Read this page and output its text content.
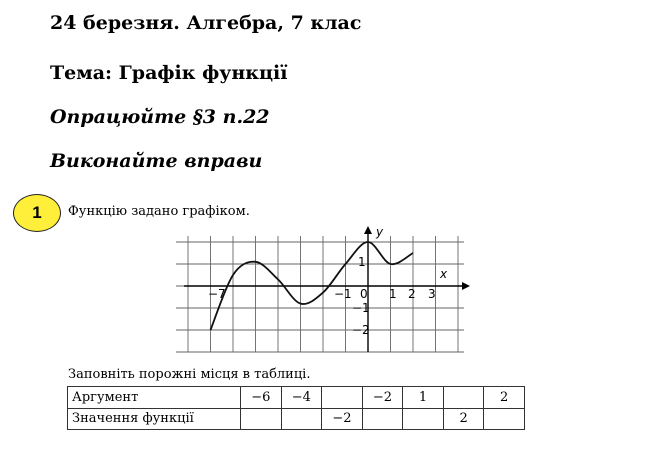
24 березня. Алгебра, 7 клас
Тема: Графік функції
Опрацюйте §3 п.22
Виконайте вправи
1 Функцію задано графіком.
x
y
−7	−1 0 1 2 3
1
−1
−2
Заповніть порожні місця в таблиці.
Аргумент	−6	−4		−2	1		2
Значення функції			−2			2	
